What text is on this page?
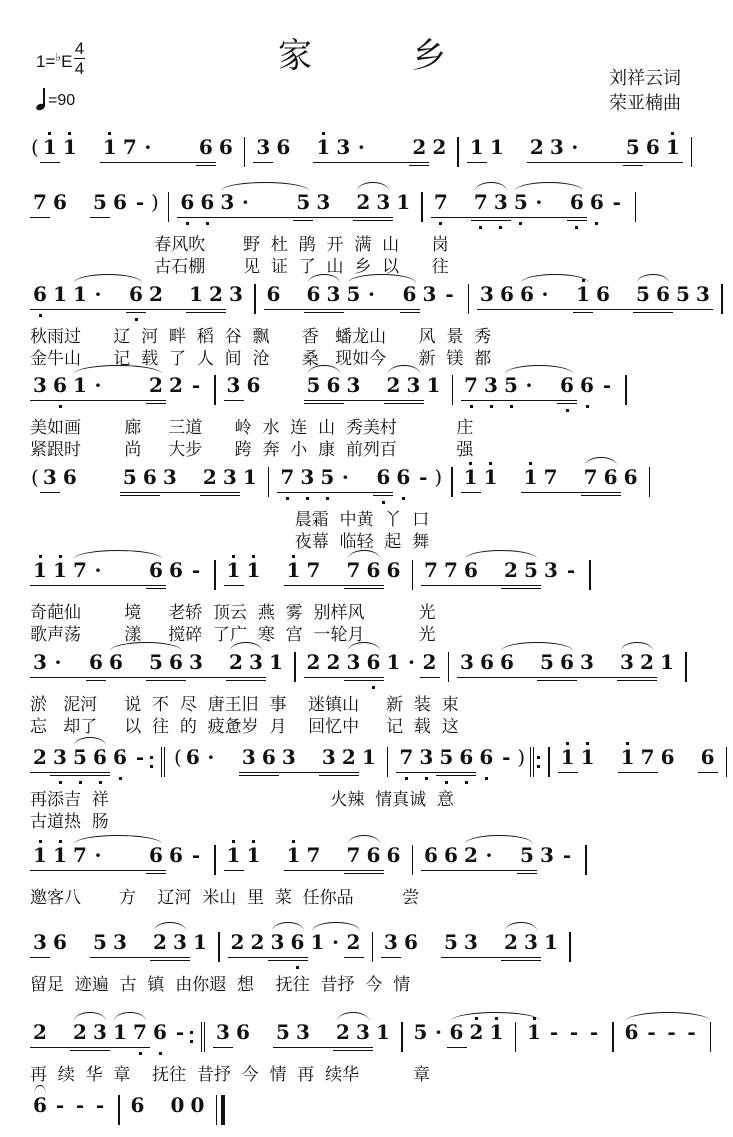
1=♭E
4
4
=90
家乡
刘祥云词
荣亚楠曲
( 1 1
  1 7 ·

  6 6 3 6
  1 3 ·

  2 2 1 1
  2 3 ·

  5 6 1
7 6
  5 6 - ) 6 6 3 ·

  5 3
  2 3 1 7
  7 3 5 ·
  6 6 -
春风吹       野  杜  鹃  开  满  山      岗
古石棚       见  证  了  山  乡  以      往
6 1 1 ·
  6 2
  1 2 3 6
  6 3 5 ·
  6 3 - 3 6 6 ·
  1 6
  5 6 5 3
秋雨过      辽  河  畔  稻  谷  飘      香   蟠龙山      风  景  秀
金牛山      记  载  了  人  间  沧      桑   现如今      新  镁  都
3 6 1 ·

  2 2 - 3 6

  5 6 3
  2 3 1 7 3 5 ·
  6 6 -
美如画        廊     三道      岭  水  连  山  秀美村           庄
紧跟时        尚     大步      跨  奔  小  康  前列百           强
( 3 6

  5 6 3
  2 3 1 7 3 5 ·
  6 6 - ) 1 1
  1 7
  7 6 6
晨霜  中黄  丫  口
夜幕  临轻  起  舞
1 1 7 ·

  6 6 - 1 1
  1 7
  7 6 6 7 7 6
  2 5 3 -
奇葩仙        境     老轿  顶云  燕  雾  别样风          光
歌声荡        漾     搅碎  了广  寒  宫  一轮月          光
3 ·
  6 6
  5 6 3
  2 3 1 2 2 3 6 1 · 2 3 6 6
  5 6 3
  3 2 1
淤   泥河     说  不  尽  唐王旧  事    迷镇山     新  装  束
忘   却了     以  往  的  疲惫岁  月    回忆中     记  载  这
2 3 5 6 6 - ( 6 ·
  3 6 3
  3 2 1 7 3 5 6 6 - ) 1 1
  1 7 6
  6
再添吉  祥                                         火辣  情真诚  意
古道热  肠
1 1 7 ·

  6 6 - 1 1
  1 7
  7 6 6 6 6 2 ·
  5 3 -
邀客八       方    辽河  米山  里  菜  任你品         尝
3 6
  5 3
  2 3 1 2 2 3 6 1 · 2 3 6
  5 3
  2 3 1
留足  迹遍  古  镇  由你遐  想    抚往  昔抒  今  情
2
  2 3 1 7 6 - 3 6
  5 3
  2 3 1 5 · 6 2 1 1 - - - 6 - - -
再  续  华  章    抚往  昔抒  今  情  再  续华          章
6 - - - 6
  0 0
